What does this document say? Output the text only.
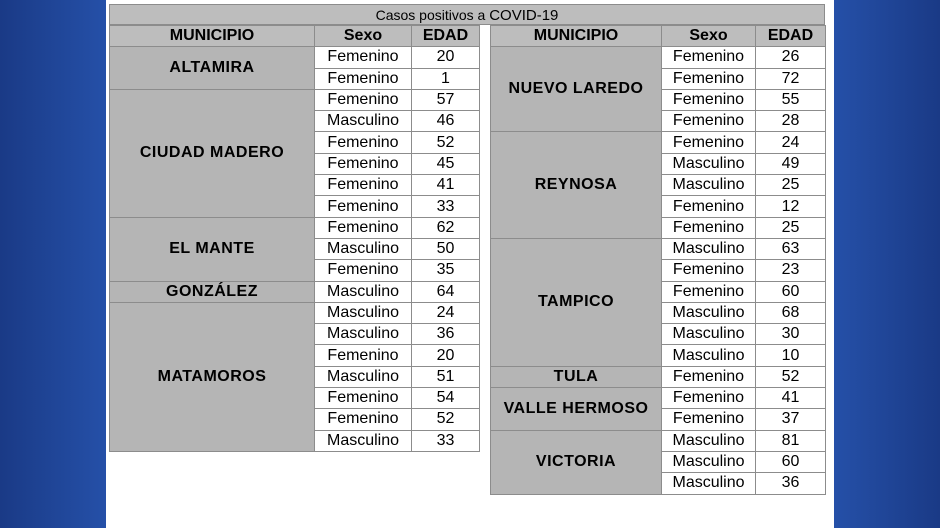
Casos positivos a COVID-19
MUNICIPIO	Sexo	EDAD
ALTAMIRA	Femenino	20
	Femenino	1
CIUDAD MADERO	Femenino	57
	Masculino	46
	Femenino	52
	Femenino	45
	Femenino	41
	Femenino	33
EL MANTE	Femenino	62
	Masculino	50
	Femenino	35
GONZÁLEZ	Masculino	64
MATAMOROS	Masculino	24
	Masculino	36
	Femenino	20
	Masculino	51
	Femenino	54
	Femenino	52
	Masculino	33
MUNICIPIO	Sexo	EDAD
NUEVO LAREDO	Femenino	26
	Femenino	72
	Femenino	55
	Femenino	28
REYNOSA	Femenino	24
	Masculino	49
	Masculino	25
	Femenino	12
	Femenino	25
TAMPICO	Masculino	63
	Femenino	23
	Femenino	60
	Masculino	68
	Masculino	30
	Masculino	10
TULA	Femenino	52
VALLE HERMOSO	Femenino	41
	Femenino	37
VICTORIA	Masculino	81
	Masculino	60
	Masculino	36
